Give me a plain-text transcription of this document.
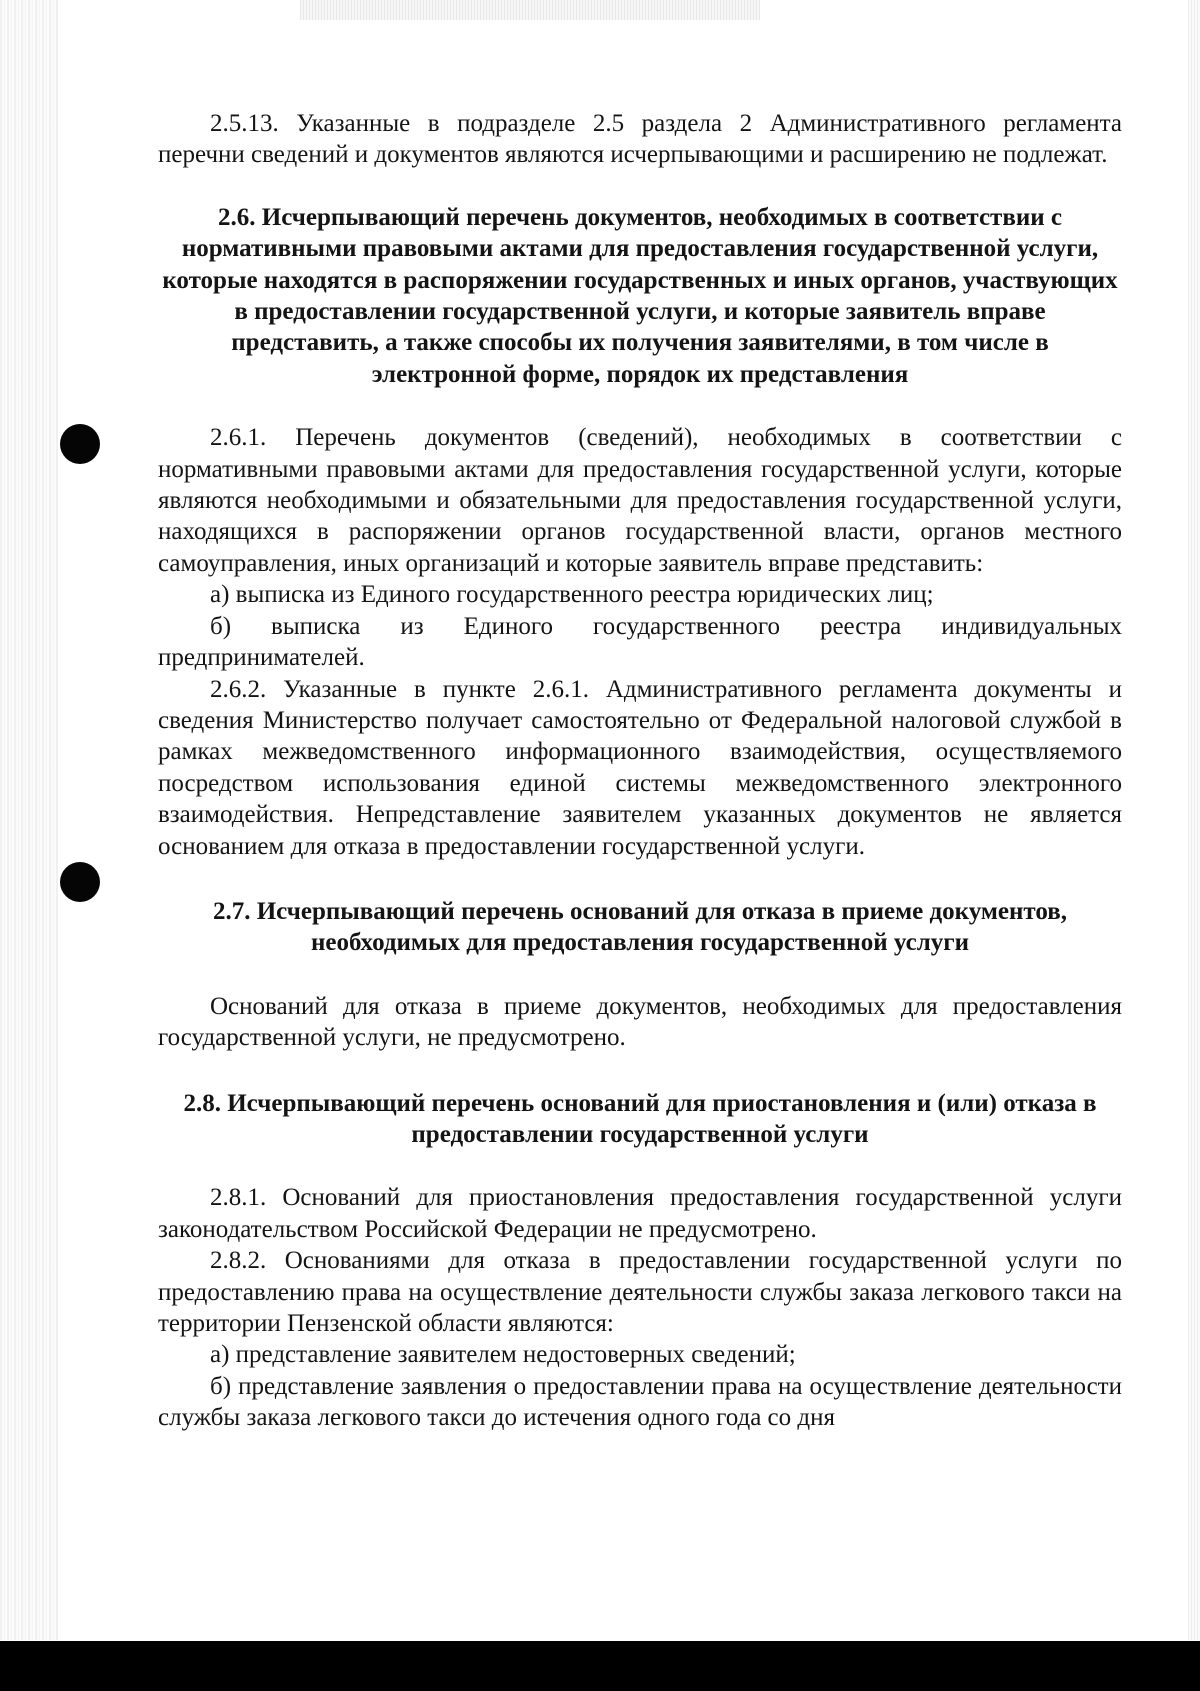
2.5.13. Указанные в подразделе 2.5 раздела 2 Административного регламента перечни сведений и документов являются исчерпывающими и расширению не подлежат.

2.6. Исчерпывающий перечень документов, необходимых в соответствии с нормативными правовыми актами для предоставления государственной услуги, которые находятся в распоряжении государственных и иных органов, участвующих в предоставлении государственной услуги, и которые заявитель вправе представить, а также способы их получения заявителями, в том числе в электронной форме, порядок их представления

2.6.1. Перечень документов (сведений), необходимых в соответствии с нормативными правовыми актами для предоставления государственной услуги, которые являются необходимыми и обязательными для предоставления государственной услуги, находящихся в распоряжении органов государственной власти, органов местного самоуправления, иных организаций и которые заявитель вправе представить:

а) выписка из Единого государственного реестра юридических лиц;

б) выписка из Единого государственного реестра индивидуальных предпринимателей.

2.6.2. Указанные в пункте 2.6.1. Административного регламента документы и сведения Министерство получает самостоятельно от Федеральной налоговой службой в рамках межведомственного информационного взаимодействия, осуществляемого посредством использования единой системы межведомственного электронного взаимодействия. Непредставление заявителем указанных документов не является основанием для отказа в предоставлении государственной услуги.

2.7. Исчерпывающий перечень оснований для отказа в приеме документов, необходимых для предоставления государственной услуги

Оснований для отказа в приеме документов, необходимых для предоставления государственной услуги, не предусмотрено.

2.8. Исчерпывающий перечень оснований для приостановления и (или) отказа в предоставлении государственной услуги

2.8.1. Оснований для приостановления предоставления государственной услуги законодательством Российской Федерации не предусмотрено.

2.8.2. Основаниями для отказа в предоставлении государственной услуги по предоставлению права на осуществление деятельности службы заказа легкового такси на территории Пензенской области являются:

а) представление заявителем недостоверных сведений;

б) представление заявления о предоставлении права на осуществление деятельности службы заказа легкового такси до истечения одного года со дня
